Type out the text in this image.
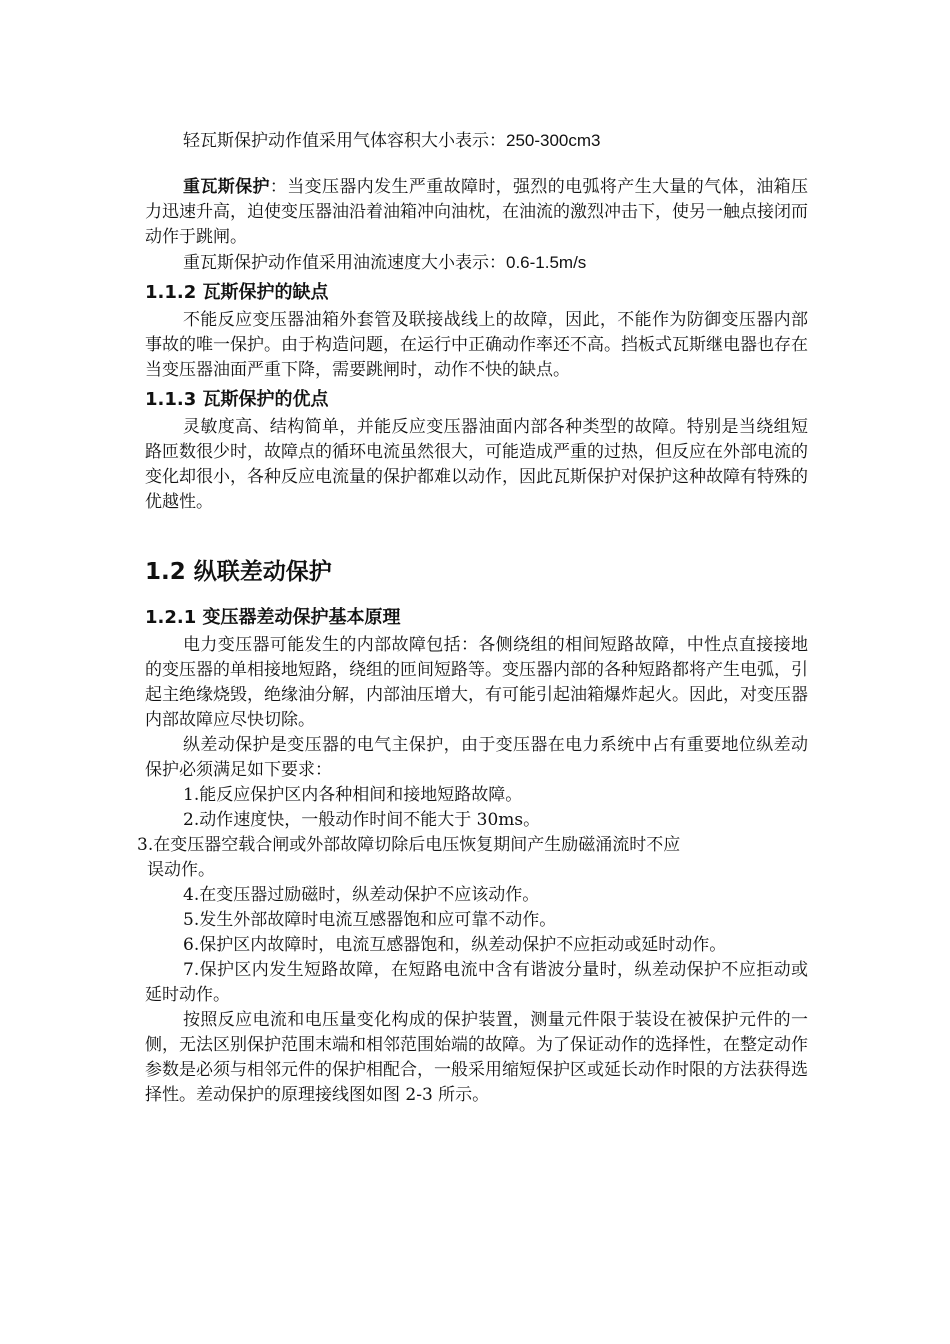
轻瓦斯保护动作值采用气体容积大小表示：250-300cm3

重瓦斯保护：当变压器内发生严重故障时，强烈的电弧将产生大量的气体，油箱压力迅速升高，迫使变压器油沿着油箱冲向油枕，在油流的激烈冲击下，使另一触点接闭而动作于跳闸。

重瓦斯保护动作值采用油流速度大小表示：0.6-1.5m/s

1.1.2 瓦斯保护的缺点

不能反应变压器油箱外套管及联接战线上的故障，因此，不能作为防御变压器内部事故的唯一保护。由于构造问题，在运行中正确动作率还不高。挡板式瓦斯继电器也存在当变压器油面严重下降，需要跳闸时，动作不快的缺点。

1.1.3 瓦斯保护的优点

灵敏度高、结构简单，并能反应变压器油面内部各种类型的故障。特别是当绕组短路匝数很少时，故障点的循环电流虽然很大，可能造成严重的过热，但反应在外部电流的变化却很小，各种反应电流量的保护都难以动作，因此瓦斯保护对保护这种故障有特殊的优越性。

1.2 纵联差动保护
1.2.1 变压器差动保护基本原理

电力变压器可能发生的内部故障包括：各侧绕组的相间短路故障，中性点直接接地的变压器的单相接地短路，绕组的匝间短路等。变压器内部的各种短路都将产生电弧，引起主绝缘烧毁，绝缘油分解，内部油压增大，有可能引起油箱爆炸起火。因此，对变压器内部故障应尽快切除。

纵差动保护是变压器的电气主保护，由于变压器在电力系统中占有重要地位纵差动保护必须满足如下要求：

1.能反应保护区内各种相间和接地短路故障。

2.动作速度快，一般动作时间不能大于 30ms。

3.在变压器空载合闸或外部故障切除后电压恢复期间产生励磁涌流时不应

误动作。

4.在变压器过励磁时，纵差动保护不应该动作。

5.发生外部故障时电流互感器饱和应可靠不动作。

6.保护区内故障时，电流互感器饱和，纵差动保护不应拒动或延时动作。

7.保护区内发生短路故障，在短路电流中含有谐波分量时，纵差动保护不应拒动或延时动作。

按照反应电流和电压量变化构成的保护装置，测量元件限于装设在被保护元件的一侧，无法区别保护范围末端和相邻范围始端的故障。为了保证动作的选择性，在整定动作参数是必须与相邻元件的保护相配合，一般采用缩短保护区或延长动作时限的方法获得选择性。差动保护的原理接线图如图 2-3 所示。
